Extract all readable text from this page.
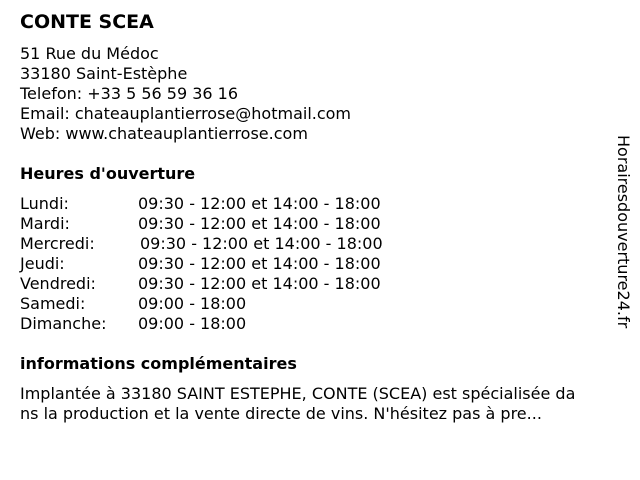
CONTE SCEA
51 Rue du Médoc
33180 Saint-Estèphe
Telefon: +33 5 56 59 36 16
Email: chateauplantierrose@hotmail.com
Web: www.chateauplantierrose.com
Heures d'ouverture
Lundi:	09:30 - 12:00 et 14:00 - 18:00
Mardi:	09:30 - 12:00 et 14:00 - 18:00
Mercredi:	09:30 - 12:00 et 14:00 - 18:00
Jeudi:	09:30 - 12:00 et 14:00 - 18:00
Vendredi:	09:30 - 12:00 et 14:00 - 18:00
Samedi:	09:00 - 18:00
Dimanche: 09:00 - 18:00
informations complémentaires
Implantée à 33180 SAINT ESTEPHE, CONTE (SCEA) est spécialisée da
ns la production et la vente directe de vins. N'hésitez pas à pre...
Horairesdouverture24.fr
